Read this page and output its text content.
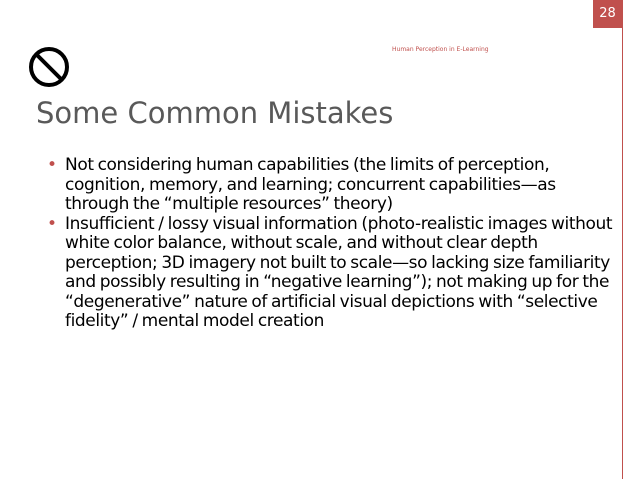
28
Human Perception in E-Learning
Some Common Mistakes
• Not considering human capabilities (the limits of perception, cognition, memory, and learning; concurrent capabilities—as through the “multiple resources” theory)
• Insufficient / lossy visual information (photo-realistic images without white color balance, without scale, and without clear depth perception; 3D imagery not built to scale—so lacking size familiarity and possibly resulting in “negative learning”); not making up for the “degenerative” nature of artificial visual depictions with “selective fidelity” / mental model creation
